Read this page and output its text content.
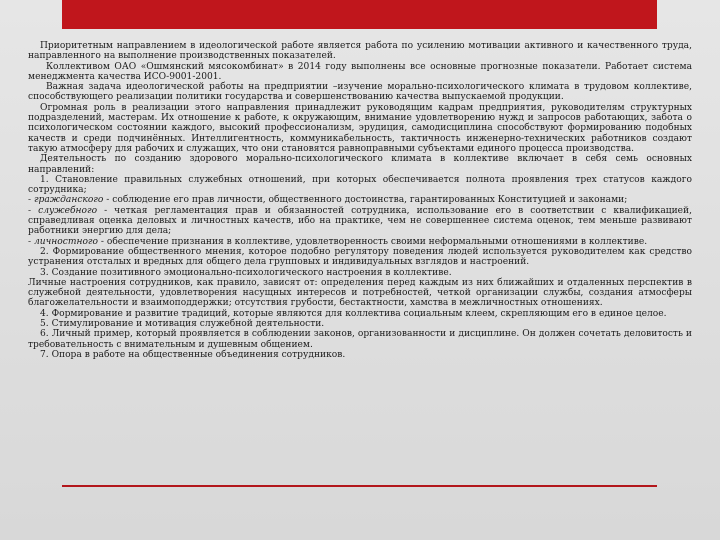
Приоритетным направлением в идеологической работе является работа по усилению мотивации активного и качественного труда, направленного на выполнение производственных показателей.

Коллективом ОАО «Ошмянский мясокомбинат» в 2014 году выполнены все основные прогнозные показатели. Работает система менеджмента качества ИСО-9001-2001.

Важная задача идеологической работы на предприятии –изучение морально-психологического климата в трудовом коллективе, способствующего реализации политики государства и совершенствованию качества выпускаемой продукции.

Огромная роль в реализации этого направления принадлежит руководящим кадрам предприятия, руководителям структурных подразделений, мастерам. Их отношение к работе, к окружающим, внимание удовлетворению нужд и запросов работающих, забота о психологическом состоянии каждого, высокий профессионализм, эрудиция, самодисциплина способствуют формированию подобных качеств и среди подчинённых. Интеллигентность, коммуникабельность, тактичность инженерно-технических работников создают такую атмосферу для рабочих и служащих, что они становятся равноправными субъектами единого процесса производства.

Деятельность по созданию здорового морально-психологического климата в коллективе включает в себя семь основных направлений:

1. Становление правильных служебных отношений, при которых обеспечивается полнота проявления трех статусов каждого сотрудника;

- гражданского - соблюдение его прав личности, общественного достоинства, гарантированных Конституцией и законами;

- служебного - четкая регламентация прав и обязанностей сотрудника, использование его в соответствии с квалификацией, справедливая оценка деловых и личностных качеств, ибо на практике, чем не совершеннее система оценок, тем меньше развивают работники энергию для дела;

- личностного - обеспечение признания в коллективе, удовлетворенность своими неформальными отношениями в коллективе.

2. Формирование общественного мнения, которое подобно регулятору поведения людей используется руководителем как средство устранения отсталых и вредных для общего дела групповых и индивидуальных взглядов и настроений.

3. Создание позитивного эмоционально-психологического настроения в коллективе.

Личные настроения сотрудников, как правило, зависят от: определения перед каждым из них ближайших и отдаленных перспектив в служебной деятельности, удовлетворения насущных интересов и потребностей, четкой организации службы, создания атмосферы благожелательности и взаимоподдержки; отсутствия грубости, бестактности, хамства в межличностных отношениях.

4. Формирование и развитие традиций, которые являются для коллектива социальным клеем, скрепляющим его в единое целое.

5. Стимулирование и мотивация служебной деятельности.

6. Личный пример, который проявляется в соблюдении законов, организованности и дисциплине. Он должен сочетать деловитость и требовательность с внимательным и душевным общением.

7. Опора в работе на общественные объединения сотрудников.
